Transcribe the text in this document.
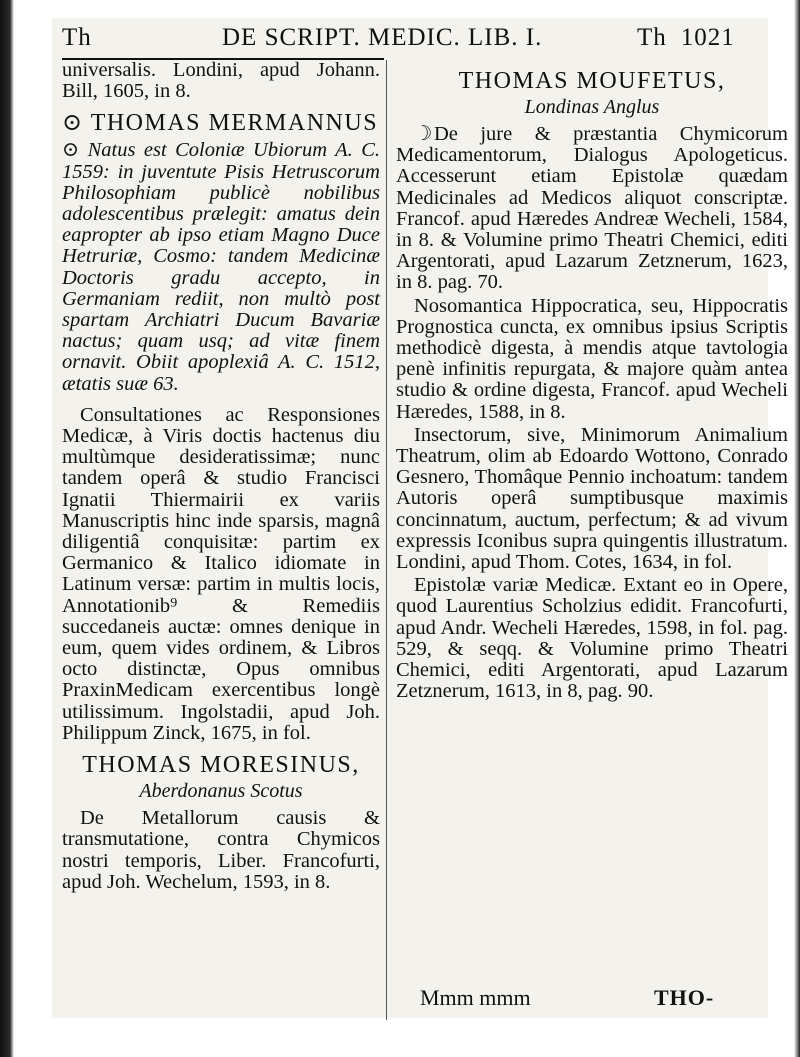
Th	DE SCRIPT. MEDIC. LIB. I.	Th 1021

universalis. Londini, apud Johann. Bill, 1605, in 8.

⊙ THOMAS MERMANNUS

⊙ Natus est Coloniæ Ubiorum A. C. 1559: in juventute Pisis Hetruscorum Philosophiam publicè nobilibus adolescentibus prælegit: amatus dein eapropter ab ipso etiam Magno Duce Hetruriæ, Cosmo: tandem Medicinæ Doctoris gradu accepto, in Germaniam rediit, non multò post spartam Archiatri Ducum Bavariæ nactus; quam usq; ad vitæ finem ornavit. Obiit apoplexiâ A. C. 1512, ætatis suæ 63.

Consultationes ac Responsiones Medicæ, à Viris doctis hactenus diu multùmque desideratissimæ; nunc tandem operâ & studio Francisci Ignatii Thiermairii ex variis Manuscriptis hinc inde sparsis, magnâ diligentiâ conquisitæ: partim ex Germanico & Italico idiomate in Latinum versæ: partim in multis locis, Annotationib⁹ & Remediis succedaneis auctæ: omnes denique in eum, quem vides ordinem, & Libros octo distinctæ, Opus omnibus PraxinMedicam exercentibus longè utilissimum. Ingolstadii, apud Joh. Philippum Zinck, 1675, in fol.

THOMAS MORESINUS,
Aberdonanus Scotus

De Metallorum causis & transmutatione, contra Chymicos nostri temporis, Liber. Francofurti, apud Joh. Wechelum, 1593, in 8.

THOMAS MOUFETUS,
Londinas Anglus

☽De jure & præstantia Chymicorum Medicamentorum, Dialogus Apologeticus. Accesserunt etiam Epistolæ quædam Medicinales ad Medicos aliquot conscriptæ. Francof. apud Hæredes Andreæ Wecheli, 1584, in 8. & Volumine primo Theatri Chemici, editi Argentorati, apud Lazarum Zetznerum, 1623, in 8. pag. 70.

Nosomantica Hippocratica, seu, Hippocratis Prognostica cuncta, ex omnibus ipsius Scriptis methodicè digesta, à mendis atque tavtologia penè infinitis repurgata, & majore quàm antea studio & ordine digesta, Francof. apud Wecheli Hæredes, 1588, in 8.

Insectorum, sive, Minimorum Animalium Theatrum, olim ab Edoardo Wottono, Conrado Gesnero, Thomâque Pennio inchoatum: tandem Autoris operâ sumptibusque maximis concinnatum, auctum, perfectum; & ad vivum expressis Iconibus supra quingentis illustratum. Londini, apud Thom. Cotes, 1634, in fol.

Epistolæ variæ Medicæ. Extant eo in Opere, quod Laurentius Scholzius edidit. Francofurti, apud Andr. Wecheli Hæredes, 1598, in fol. pag. 529, & seqq. & Volumine primo Theatri Chemici, editi Argentorati, apud Lazarum Zetznerum, 1613, in 8, pag. 90.

Mmm mmm	THO-
